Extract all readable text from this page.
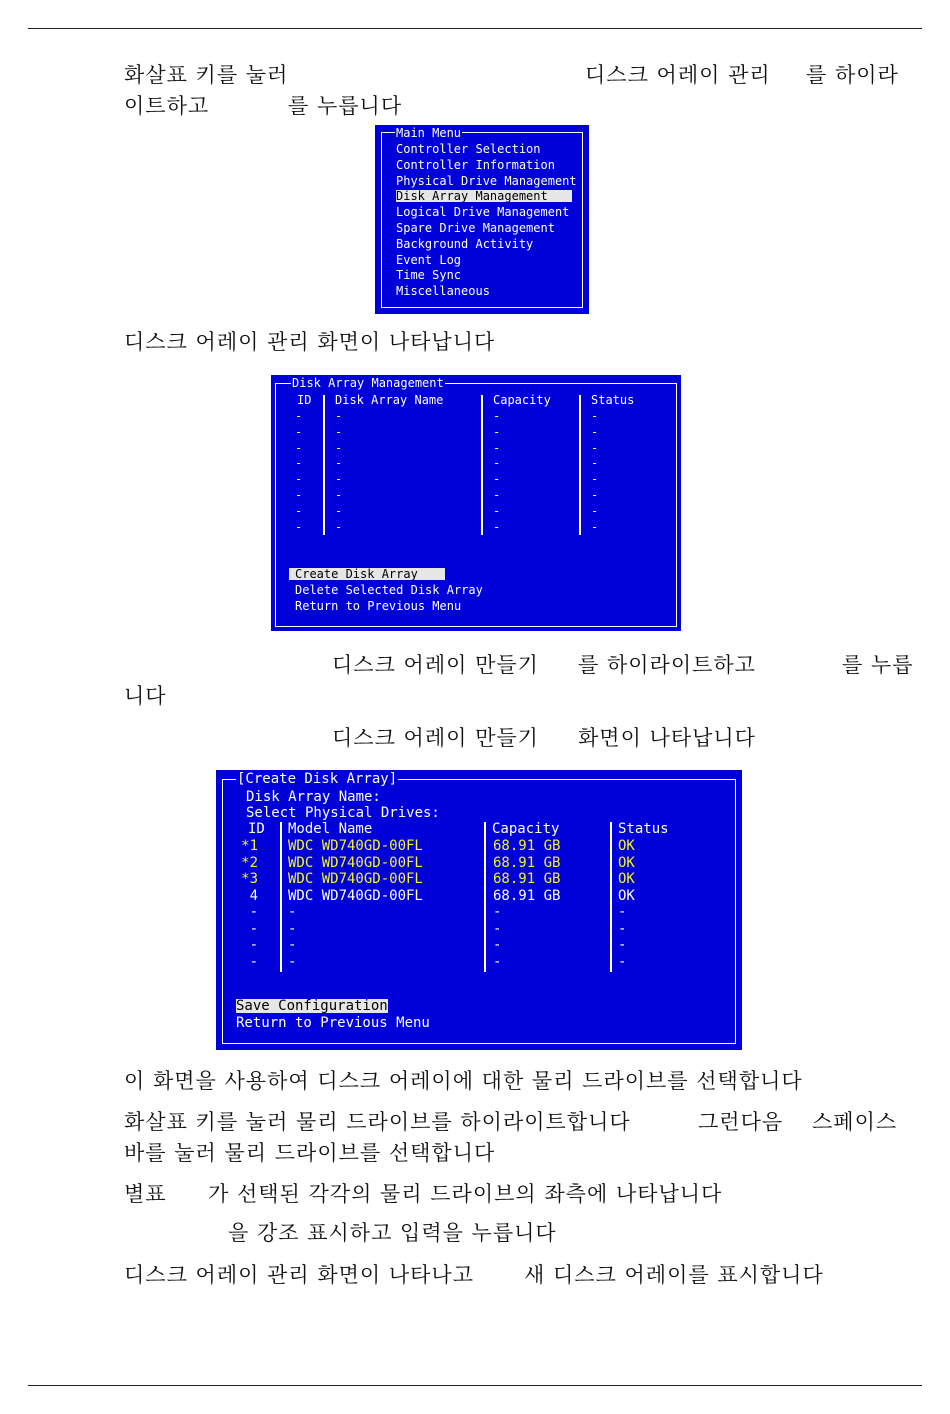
화살표 키를 눌러	디스크 어레이 관리 를 하이라
이트하고	를 누릅니다
Main Menu
Controller Selection
Controller Information
Physical Drive Management
Disk Array Management
Logical Drive Management
Spare Drive Management
Background Activity
Event Log
Time Sync
Miscellaneous
디스크 어레이 관리 화면이 나타납니다
Disk Array Management
ID Disk Array Name	Capacity	Status
-	-	-	-
-	-	-	-
-	-	-	-
-	-	-	-
-	-	-	-
-	-	-	-
-	-	-	-
-	-	-	-
Create Disk Array
Delete Selected Disk Array
Return to Previous Menu
디스크 어레이 만들기 를 하이라이트하고	를 누릅
니다
디스크 어레이 만들기 화면이 나타납니다
[Create Disk Array]
Disk Array Name:
Select Physical Drives:
ID Model Name	Capacity	Status
*1 WDC WD740GD-00FL	68.91 GB	OK
*2 WDC WD740GD-00FL	68.91 GB	OK
*3 WDC WD740GD-00FL	68.91 GB	OK
4 WDC WD740GD-00FL	68.91 GB	OK
- -	-	-
- -	-	-
- -	-	-
- -	-	-
Save Configuration
Return to Previous Menu
이 화면을 사용하여 디스크 어레이에 대한 물리 드라이브를 선택합니다
화살표 키를 눌러 물리 드라이브를 하이라이트합니다	그런다음 스페이스
바를 눌러 물리 드라이브를 선택합니다
별표 가 선택된 각각의 물리 드라이브의 좌측에 나타납니다
을 강조 표시하고 입력을 누릅니다
디스크 어레이 관리 화면이 나타나고 새 디스크 어레이를 표시합니다
